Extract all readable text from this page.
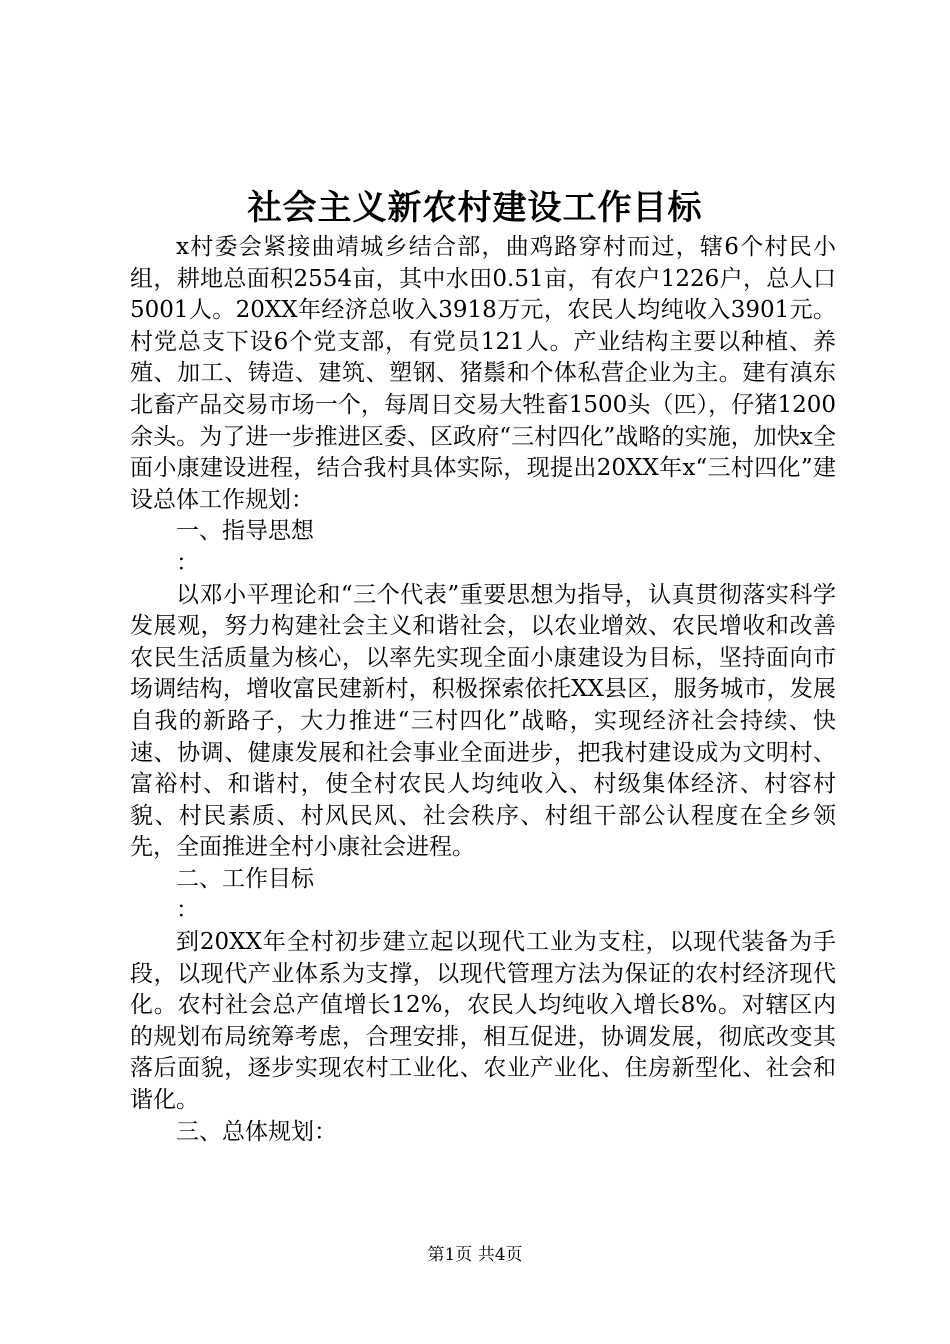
社会主义新农村建设工作目标

x村委会紧接曲靖城乡结合部，曲鸡路穿村而过，辖6个村民小组，耕地总面积2554亩，其中水田0.51亩，有农户1226户，总人口5001人。20XX年经济总收入3918万元，农民人均纯收入3901元。村党总支下设6个党支部，有党员121人。产业结构主要以种植、养殖、加工、铸造、建筑、塑钢、猪鬃和个体私营企业为主。建有滇东北畜产品交易市场一个，每周日交易大牲畜1500头（匹），仔猪1200余头。为了进一步推进区委、区政府“三村四化”战略的实施，加快x全面小康建设进程，结合我村具体实际，现提出20XX年x“三村四化”建设总体工作规划：

一、指导思想

：

以邓小平理论和“三个代表”重要思想为指导，认真贯彻落实科学发展观，努力构建社会主义和谐社会，以农业增效、农民增收和改善农民生活质量为核心，以率先实现全面小康建设为目标，坚持面向市场调结构，增收富民建新村，积极探索依托XX县区，服务城市，发展自我的新路子，大力推进“三村四化”战略，实现经济社会持续、快速、协调、健康发展和社会事业全面进步，把我村建设成为文明村、富裕村、和谐村，使全村农民人均纯收入、村级集体经济、村容村貌、村民素质、村风民风、社会秩序、村组干部公认程度在全乡领先，全面推进全村小康社会进程。

二、工作目标

：

到20XX年全村初步建立起以现代工业为支柱，以现代装备为手段，以现代产业体系为支撑，以现代管理方法为保证的农村经济现代化。农村社会总产值增长12%，农民人均纯收入增长8%。对辖区内的规划布局统筹考虑，合理安排，相互促进，协调发展，彻底改变其落后面貌，逐步实现农村工业化、农业产业化、住房新型化、社会和谐化。

三、总体规划：

第1页 共4页
